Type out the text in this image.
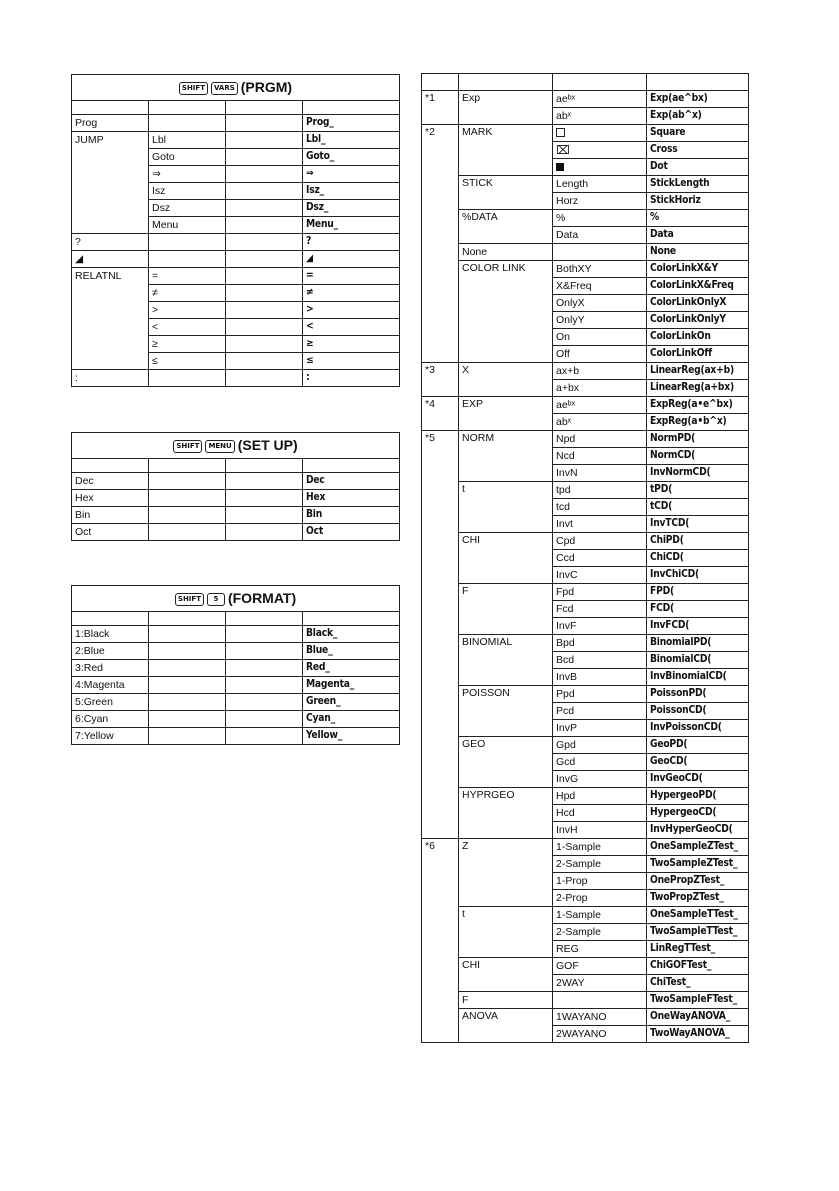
SHIFT VARS (PRGM)			

Prog			Prog_
JUMP	Lbl		Lbl_
	Goto		Goto_
	⇒		⇒
	Isz		Isz_
	Dsz		Dsz_
	Menu		Menu_
?			?
◢			◢
RELATNL	=		=
	≠		≠
	>		>
	<		<
	≥		≥
	≤		≤
:			:
SHIFT MENU (SET UP)			

Dec			Dec
Hex			Hex
Bin			Bin
Oct			Oct
SHIFT 5 (FORMAT)			

1:Black			Black_
2:Blue			Blue_
3:Red			Red_
4:Magenta			Magenta_
5:Green			Green_
6:Cyan			Cyan_
7:Yellow			Yellow_

*1	Exp	aeᵇˣ	Exp(ae^bx)
		abˣ	Exp(ab^x)
*2	MARK		Square
		⌧	Cross
			Dot
	STICK	Length	StickLength
		Horz	StickHoriz
	%DATA	%	%
		Data	Data
	None		None
	COLOR LINK	BothXY	ColorLinkX&Y
		X&Freq	ColorLinkX&Freq
		OnlyX	ColorLinkOnlyX
		OnlyY	ColorLinkOnlyY
		On	ColorLinkOn
		Off	ColorLinkOff
*3	X	ax+b	LinearReg(ax+b)
		a+bx	LinearReg(a+bx)
*4	EXP	aeᵇˣ	ExpReg(a•e^bx)
		abˣ	ExpReg(a•b^x)
*5	NORM	Npd	NormPD(
		Ncd	NormCD(
		InvN	InvNormCD(
	t	tpd	tPD(
		tcd	tCD(
		Invt	InvTCD(
	CHI	Cpd	ChiPD(
		Ccd	ChiCD(
		InvC	InvChiCD(
	F	Fpd	FPD(
		Fcd	FCD(
		InvF	InvFCD(
	BINOMIAL	Bpd	BinomialPD(
		Bcd	BinomialCD(
		InvB	InvBinomialCD(
	POISSON	Ppd	PoissonPD(
		Pcd	PoissonCD(
		InvP	InvPoissonCD(
	GEO	Gpd	GeoPD(
		Gcd	GeoCD(
		InvG	InvGeoCD(
	HYPRGEO	Hpd	HypergeoPD(
		Hcd	HypergeoCD(
		InvH	InvHyperGeoCD(
*6	Z	1-Sample	OneSampleZTest_
		2-Sample	TwoSampleZTest_
		1-Prop	OnePropZTest_
		2-Prop	TwoPropZTest_
	t	1-Sample	OneSampleTTest_
		2-Sample	TwoSampleTTest_
		REG	LinRegTTest_
	CHI	GOF	ChiGOFTest_
		2WAY	ChiTest_
	F		TwoSampleFTest_
	ANOVA	1WAYANO	OneWayANOVA_
		2WAYANO	TwoWayANOVA_
